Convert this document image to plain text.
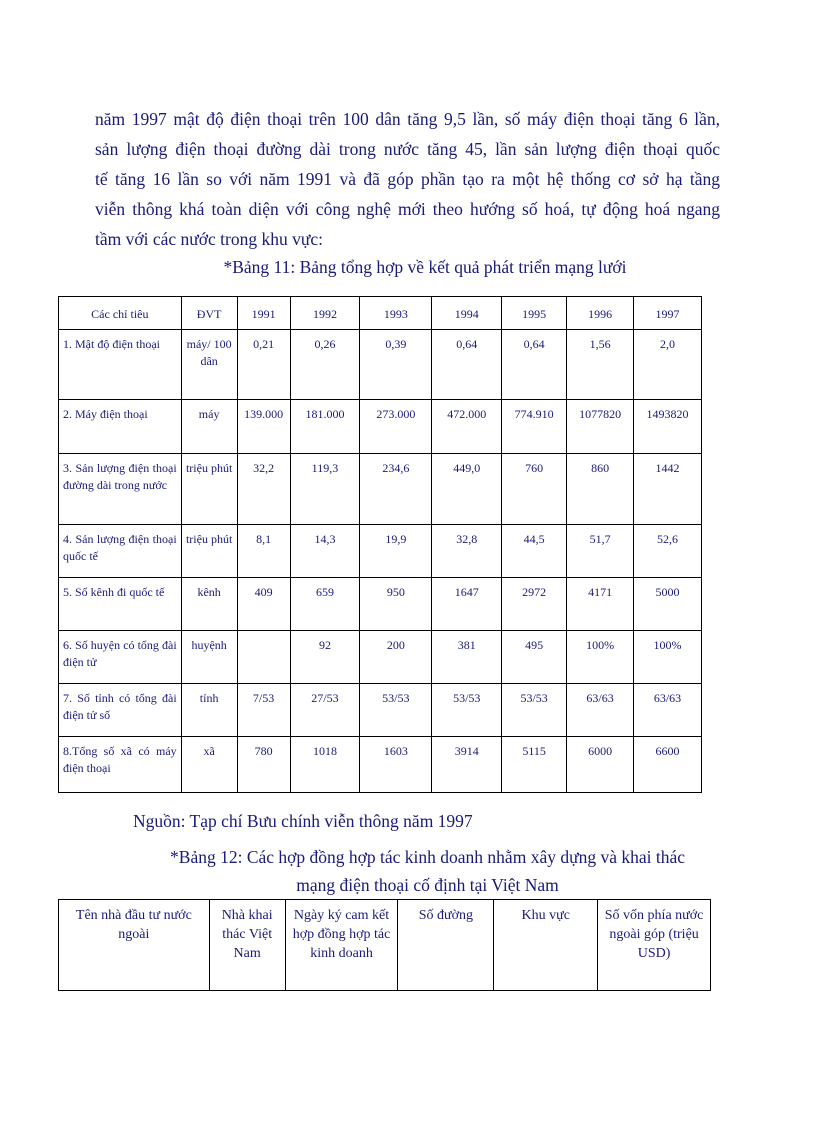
năm 1997 mật độ điện thoại trên 100 dân tăng 9,5 lần, số máy điện thoại tăng 6 lần,
sản lượng điện thoại đường dài trong nước tăng 45, lần sản lượng điện thoại quốc
tế tăng 16 lần so với năm 1991 và đã góp phần tạo ra một hệ thống cơ sở hạ tầng
viễn thông khá toàn diện với công nghệ mới theo hướng số hoá, tự động hoá ngang
tầm với các nước trong khu vực:

*Bảng 11: Bảng tổng hợp về kết quả phát triển mạng lưới

Các chỉ tiêu	ĐVT	1991	1992	1993	1994	1995	1996	1997
1. Mật độ điện thoại	máy/ 100 dân	0,21	0,26	0,39	0,64	0,64	1,56	2,0
2. Máy điện thoại	máy	139.000	181.000	273.000	472.000	774.910	1077820	1493820
3. Sản lượng điện thoại đường dài trong nước	triệu phút	32,2	119,3	234,6	449,0	760	860	1442
4. Sản lượng điện thoại quốc tế	triệu phút	8,1	14,3	19,9	32,8	44,5	51,7	52,6
5. Số kênh đi quốc tế	kênh	409	659	950	1647	2972	4171	5000
6. Số huyện có tổng đài điện tử	huyệnh		92	200	381	495	100%	100%
7. Số tỉnh có tổng đài điện tử số	tỉnh	7/53	27/53	53/53	53/53	53/53	63/63	63/63
8.Tổng số xã có máy điện thoại	xã	780	1018	1603	3914	5115	6000	6600

Nguồn: Tạp chí Bưu chính viễn thông năm 1997

*Bảng 12: Các hợp đồng hợp tác kinh doanh nhằm xây dựng và khai thác
mạng điện thoại cố định tại Việt Nam

Tên nhà đầu tư nước ngoài	Nhà khai thác Việt Nam	Ngày ký cam kết hợp đồng hợp tác kinh doanh	Số đường	Khu vực	Số vốn phía nước ngoài góp (triệu USD)
